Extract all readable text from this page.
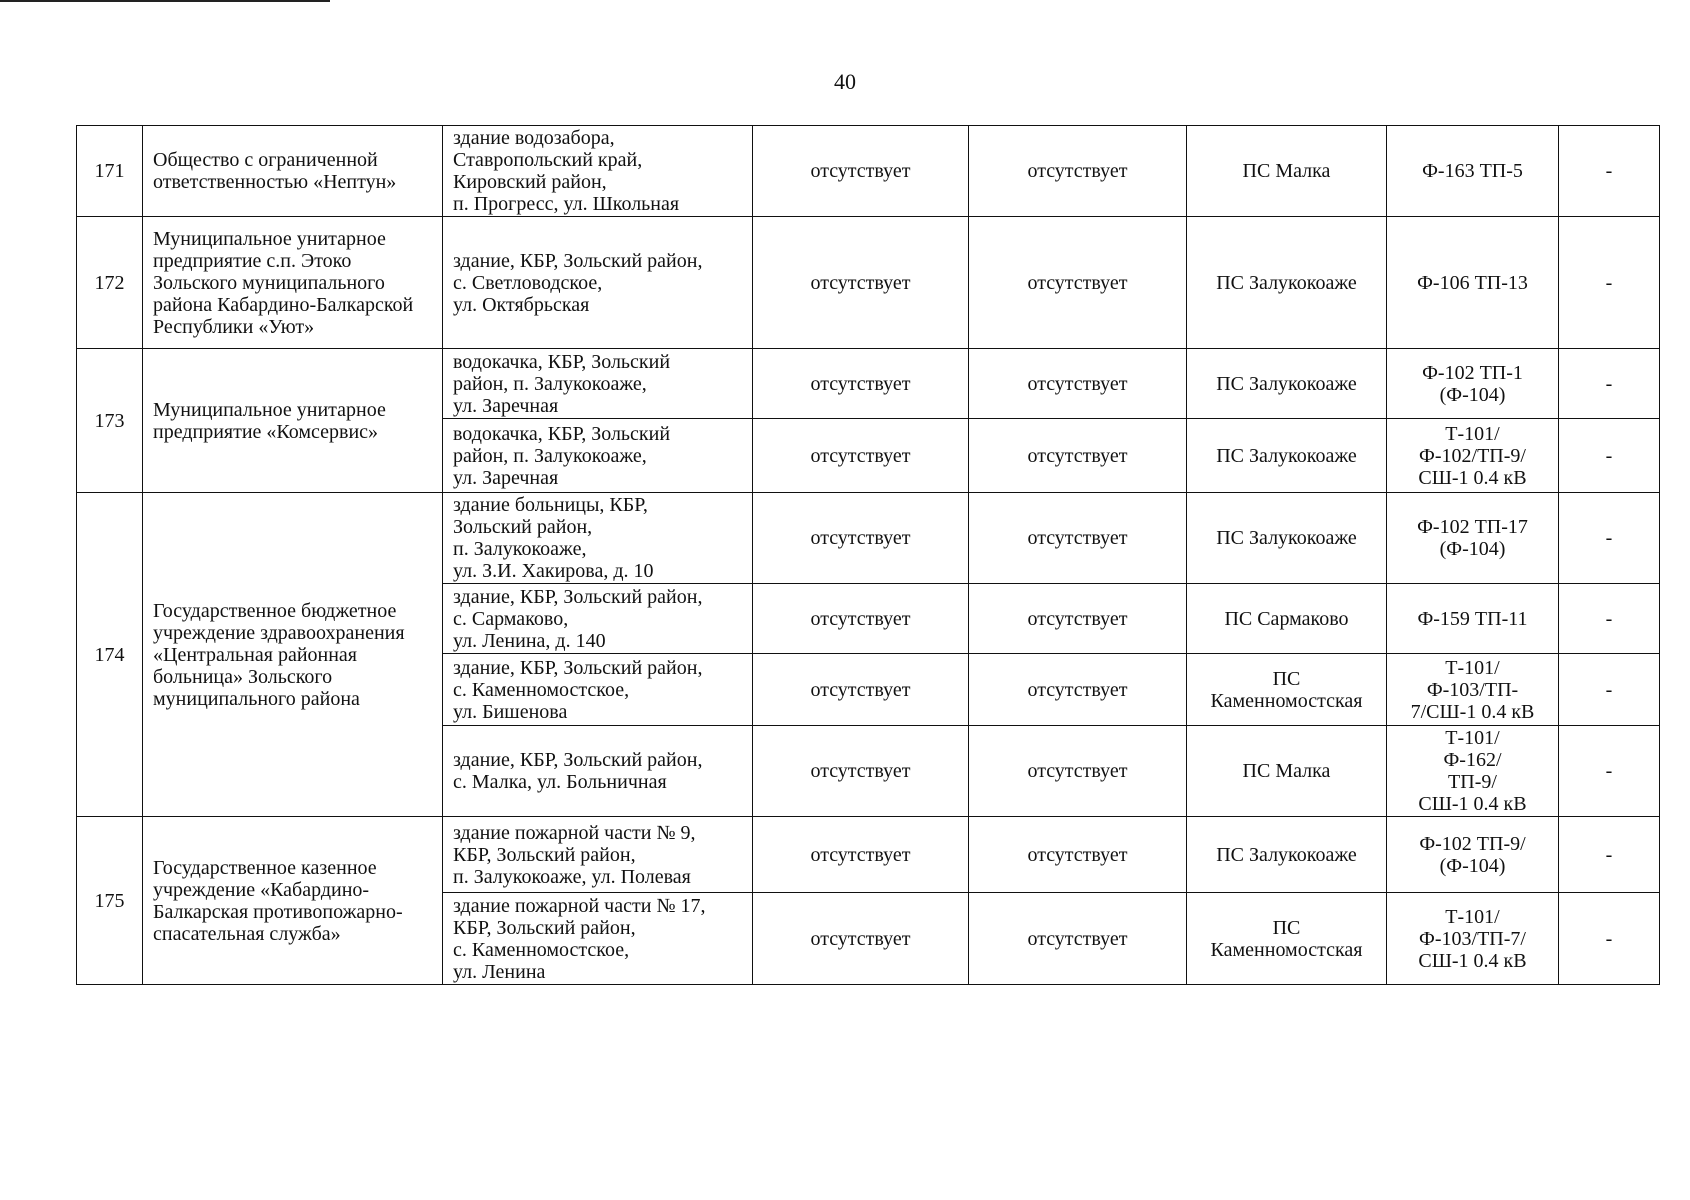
40
171	Общество с ограниченной ответственностью «Нептун»	здание водозабора,
Ставропольский край,
Кировский район,
п. Прогресс, ул. Школьная	отсутствует	отсутствует	ПС Малка	Ф-163 ТП-5	-
172	Муниципальное унитарное предприятие с.п. Этоко Зольского муниципального района Кабардино-Балкарской Республики «Уют»	здание, КБР, Зольский район,
с. Светловодское,
ул. Октябрьская	отсутствует	отсутствует	ПС Залукокоаже	Ф-106 ТП-13	-
173	Муниципальное унитарное предприятие «Комсервис»	водокачка, КБР, Зольский
район, п. Залукокоаже,
ул. Заречная	отсутствует	отсутствует	ПС Залукокоаже	Ф-102 ТП-1
(Ф-104)	-
		водокачка, КБР, Зольский
район, п. Залукокоаже,
ул. Заречная	отсутствует	отсутствует	ПС Залукокоаже	Т-101/
Ф-102/ТП-9/
СШ-1 0.4 кВ	-
174	Государственное бюджетное учреждение здравоохранения «Центральная районная больница» Зольского муниципального района	здание больницы, КБР,
Зольский район,
п. Залукокоаже,
ул. З.И. Хакирова, д. 10	отсутствует	отсутствует	ПС Залукокоаже	Ф-102 ТП-17
(Ф-104)	-
		здание, КБР, Зольский район,
с. Сармаково,
ул. Ленина, д. 140	отсутствует	отсутствует	ПС Сармаково	Ф-159 ТП-11	-
		здание, КБР, Зольский район,
с. Каменномостское,
ул. Бишенова	отсутствует	отсутствует	ПС Каменномостская	Т-101/
Ф-103/ТП-
7/СШ-1 0.4 кВ	-
		здание, КБР, Зольский район,
с. Малка, ул. Больничная	отсутствует	отсутствует	ПС Малка	Т-101/
Ф-162/
ТП-9/
СШ-1 0.4 кВ	-
175	Государственное казенное учреждение «Кабардино-Балкарская противопожарно-спасательная служба»	здание пожарной части № 9,
КБР, Зольский район,
п. Залукокоаже, ул. Полевая	отсутствует	отсутствует	ПС Залукокоаже	Ф-102 ТП-9/
(Ф-104)	-
		здание пожарной части № 17,
КБР, Зольский район,
с. Каменномостское,
ул. Ленина	отсутствует	отсутствует	ПС Каменномостская	Т-101/
Ф-103/ТП-7/
СШ-1 0.4 кВ	-
